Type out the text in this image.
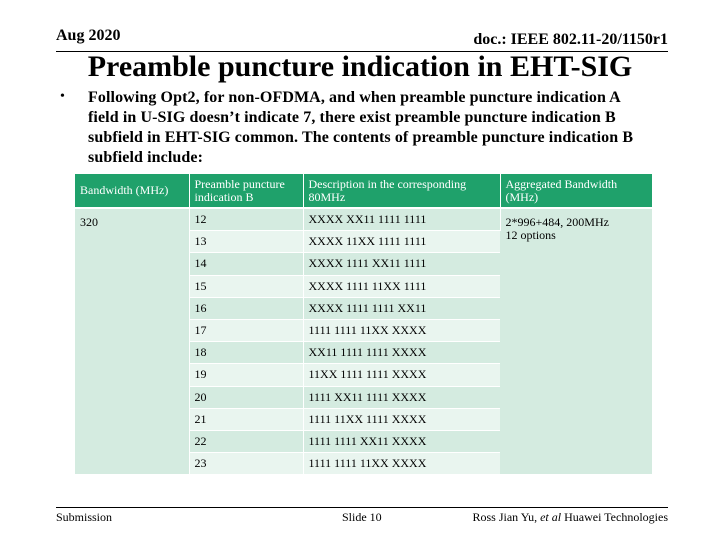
Aug 2020	doc.: IEEE 802.11-20/1150r1
Preamble puncture indication in EHT-SIG
• Following Opt2, for non-OFDMA, and when preamble puncture indication A field in U-SIG doesn’t indicate 7, there exist preamble puncture indication B subfield in EHT-SIG common. The contents of preamble puncture indication B subfield include:
Bandwidth (MHz)	Preamble puncture indication B	Description in the corresponding 80MHz	Aggregated Bandwidth (MHz)
320	12	XXXX XX11 1111 1111	2*996+484, 200MHz
12 options

	13	XXXX 11XX 1111 1111	
	14	XXXX 1111 XX11 1111	
	15	XXXX 1111 11XX 1111	
	16	XXXX 1111 1111 XX11	
	17	1111 1111 11XX XXXX	
	18	XX11 1111 1111 XXXX	
	19	11XX 1111 1111 XXXX	
	20	1111 XX11 1111 XXXX	
	21	1111 11XX 1111 XXXX	
	22	1111 1111 XX11 XXXX	
	23	1111 1111 11XX XXXX	
Submission	Slide 10	Ross Jian Yu, et al Huawei Technologies
